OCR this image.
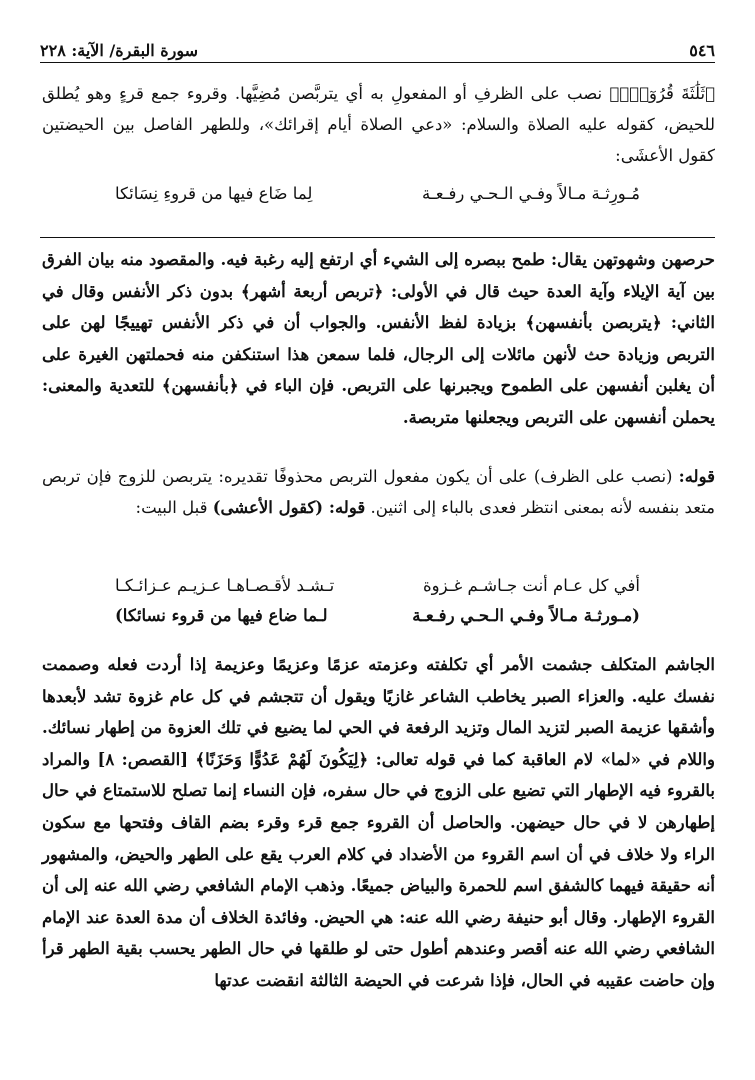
٥٤٦
سورة البقرة/ الآية: ٢٢٨

﴿ثَلَٰثَةَ قُرُوٓءٍۚ﴾ نصب على الظرفِ أو المفعولِ به أي يتربَّصن مُضِيَّها. وقروء جمع قرءٍ وهو يُطلق للحيض، كقوله عليه الصلاة والسلام: «دعي الصلاة أيام إقرائك»، وللطهر الفاصل بين الحيضتين كقول الأعشَى:

مُـورِثـة مـالاً وفـي الـحـي رفـعـة
لِما ضَاع فيها من قروءِ نِسَائكا

حرصهن وشهوتهن يقال: طمح ببصره إلى الشيء أي ارتفع إليه رغبة فيه. والمقصود منه بيان الفرق بين آية الإيلاء وآية العدة حيث قال في الأولى: ﴿تربص أربعة أشهر﴾ بدون ذكر الأنفس وقال في الثاني: ﴿يتربصن بأنفسهن﴾ بزيادة لفظ الأنفس. والجواب أن في ذكر الأنفس تهييجًا لهن على التربص وزيادة حث لأنهن مائلات إلى الرجال، فلما سمعن هذا استنكفن منه فحملتهن الغيرة على أن يغلبن أنفسهن على الطموح ويجبرنها على التربص. فإن الباء في ﴿بأنفسهن﴾ للتعدية والمعنى: يحملن أنفسهن على التربص ويجعلنها متربصة.

قوله: (نصب على الظرف) على أن يكون مفعول التربص محذوفًا تقديره: يتربصن للزوج فإن تربص متعد بنفسه لأنه بمعنى انتظر فعدى بالباء إلى اثنين. قوله: (كقول الأعشى) قبل البيت:

أفي كل عـام أنت جـاشـم غـزوة
تـشـد لأقـصـاهـا عـزيـم عـزائـكـا
(مـورثـة مـالاً وفـي الـحـي رفـعـة
لـما ضاع فيها من قروء نسائكا)

الجاشم المتكلف جشمت الأمر أي تكلفته وعزمته عزمًا وعزيمًا وعزيمة إذا أردت فعله وصممت نفسك عليه. والعزاء الصبر يخاطب الشاعر غازيًا ويقول أن تتجشم في كل عام غزوة تشد لأبعدها وأشقها عزيمة الصبر لتزيد المال وتزيد الرفعة في الحي لما يضيع في تلك العزوة من إطهار نسائك. واللام في «لما» لام العاقبة كما في قوله تعالى: ﴿لِيَكُونَ لَهُمْ عَدُوًّا وَحَزَنًا﴾ [القصص: ٨] والمراد بالقروء فيه الإطهار التي تضيع على الزوج في حال سفره، فإن النساء إنما تصلح للاستمتاع في حال إطهارهن لا في حال حيضهن. والحاصل أن القروء جمع قرء وقرء بضم القاف وفتحها مع سكون الراء ولا خلاف في أن اسم القروء من الأضداد في كلام العرب يقع على الطهر والحيض، والمشهور أنه حقيقة فيهما كالشفق اسم للحمرة والبياض جميعًا. وذهب الإمام الشافعي رضي الله عنه إلى أن القروء الإطهار. وقال أبو حنيفة رضي الله عنه: هي الحيض. وفائدة الخلاف أن مدة العدة عند الإمام الشافعي رضي الله عنه أقصر وعندهم أطول حتى لو طلقها في حال الطهر يحسب بقية الطهر قرأ وإن حاضت عقيبه في الحال، فإذا شرعت في الحيضة الثالثة انقضت عدتها
